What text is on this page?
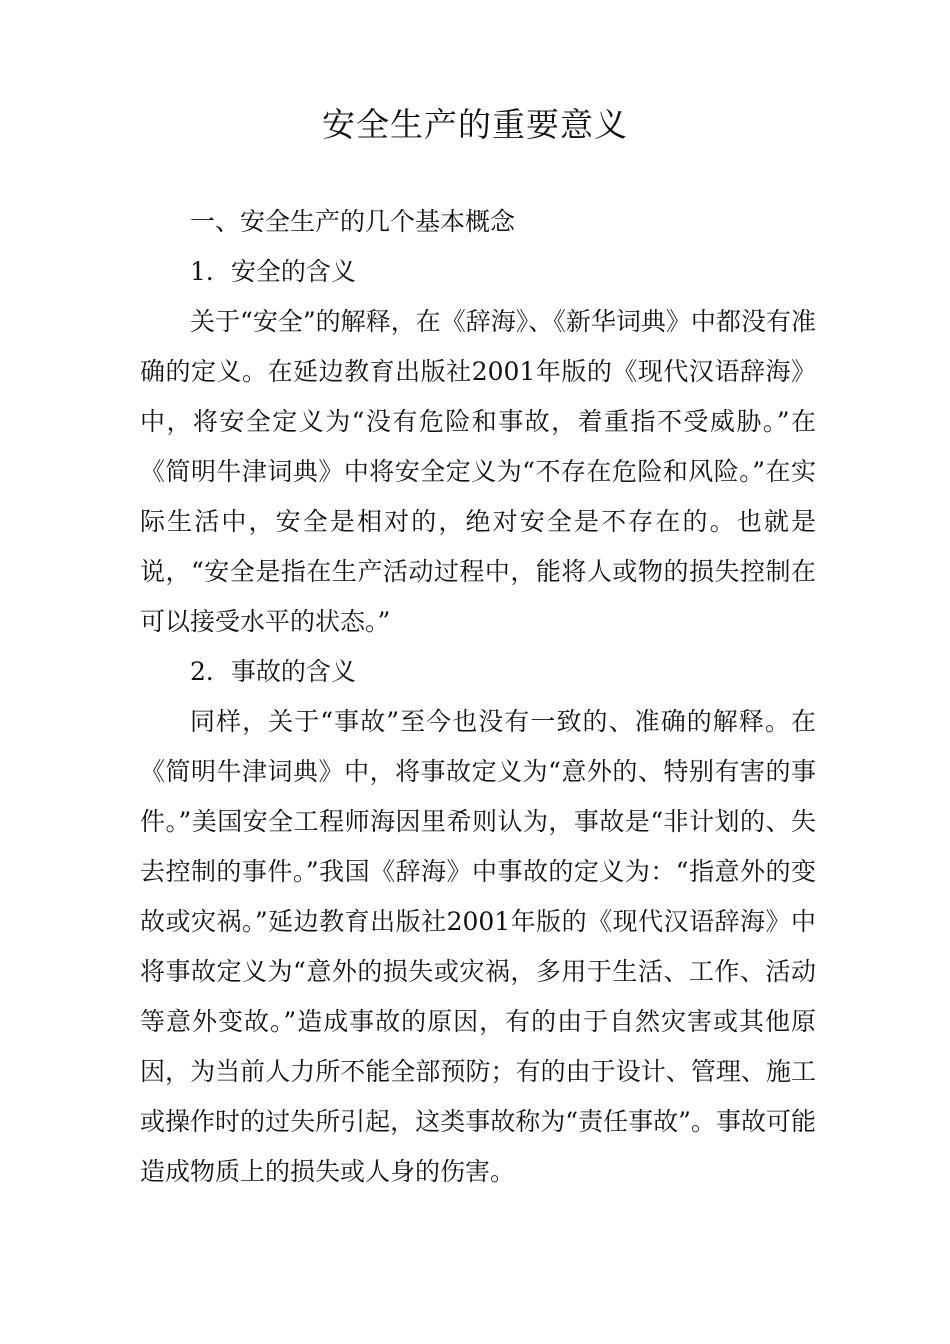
安全生产的重要意义

一、安全生产的几个基本概念

1．安全的含义

关于“安全”的解释，在《辞海》、《新华词典》中都没有准确的定义。在延边教育出版社2001年版的《现代汉语辞海》中，将安全定义为“没有危险和事故，着重指不受威胁。”在《简明牛津词典》中将安全定义为“不存在危险和风险。”在实际生活中，安全是相对的，绝对安全是不存在的。也就是说，“安全是指在生产活动过程中，能将人或物的损失控制在可以接受水平的状态。”

2．事故的含义

同样，关于“事故”至今也没有一致的、准确的解释。在《简明牛津词典》中，将事故定义为“意外的、特别有害的事件。”美国安全工程师海因里希则认为，事故是“非计划的、失去控制的事件。”我国《辞海》中事故的定义为：“指意外的变故或灾祸。”延边教育出版社2001年版的《现代汉语辞海》中将事故定义为“意外的损失或灾祸，多用于生活、工作、活动等意外变故。”造成事故的原因，有的由于自然灾害或其他原因，为当前人力所不能全部预防；有的由于设计、管理、施工或操作时的过失所引起，这类事故称为“责任事故”。事故可能造成物质上的损失或人身的伤害。
